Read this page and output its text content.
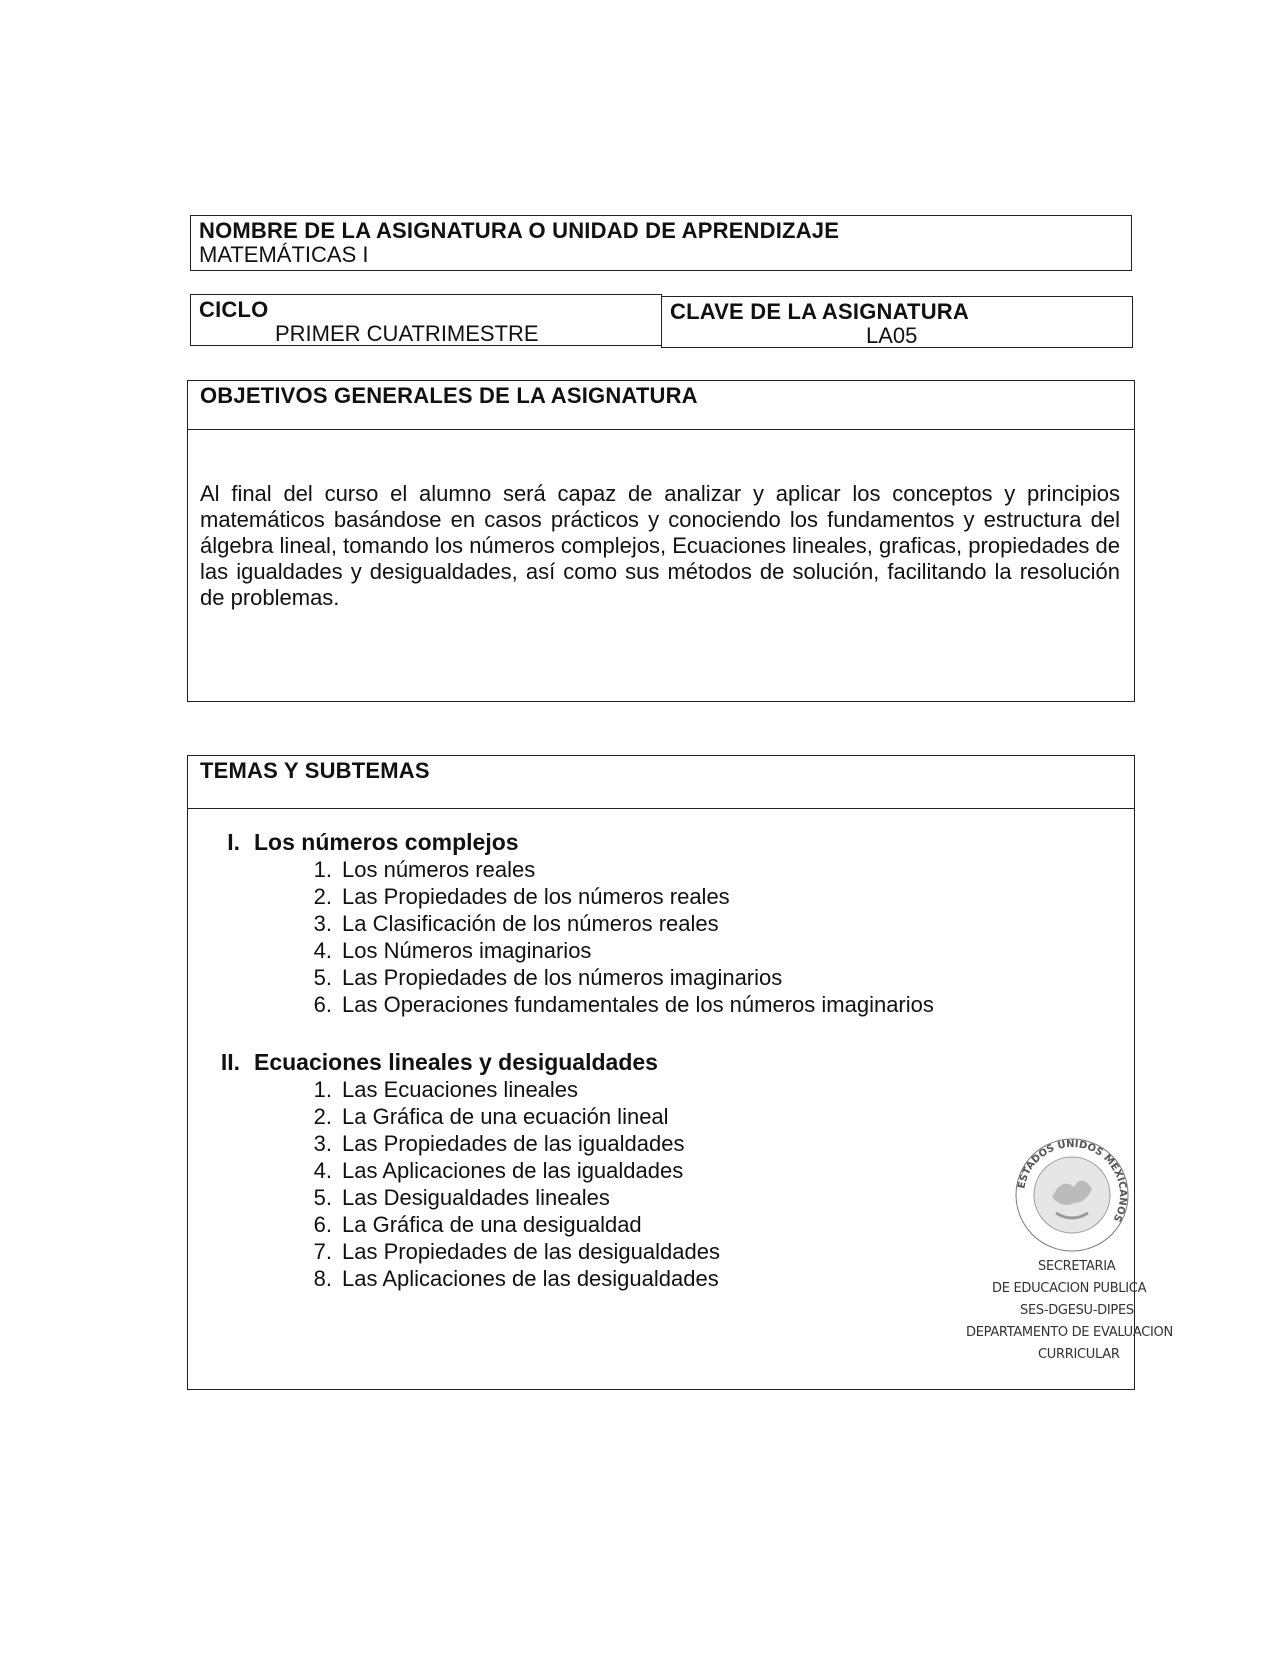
NOMBRE DE LA ASIGNATURA O UNIDAD DE APRENDIZAJE
MATEMÁTICAS I
CICLO
PRIMER CUATRIMESTRE
CLAVE DE LA ASIGNATURA
LA05
OBJETIVOS GENERALES DE LA ASIGNATURA
Al final del curso el alumno será capaz de analizar y aplicar los conceptos y principios matemáticos basándose en casos prácticos y conociendo los fundamentos y estructura del álgebra lineal, tomando los números complejos, Ecuaciones lineales, graficas, propiedades de las igualdades y desigualdades, así como sus métodos de solución, facilitando la resolución de problemas.
TEMAS Y SUBTEMAS
I. Los números complejos
1. Los números reales
2. Las Propiedades de los números reales
3. La Clasificación de los números reales
4. Los Números imaginarios
5. Las Propiedades de los números imaginarios
6. Las Operaciones fundamentales de los números imaginarios
II. Ecuaciones lineales y desigualdades
1. Las Ecuaciones lineales
2. La Gráfica de una ecuación lineal
3. Las Propiedades de las igualdades
4. Las Aplicaciones de las igualdades
5. Las Desigualdades lineales
6. La Gráfica de una desigualdad
7. Las Propiedades de las desigualdades
8. Las Aplicaciones de las desigualdades
ESTADOS UNIDOS MEXICANOS
SECRETARIA
DE EDUCACION PUBLICA
SES-DGESU-DIPES
DEPARTAMENTO DE EVALUACION
CURRICULAR
